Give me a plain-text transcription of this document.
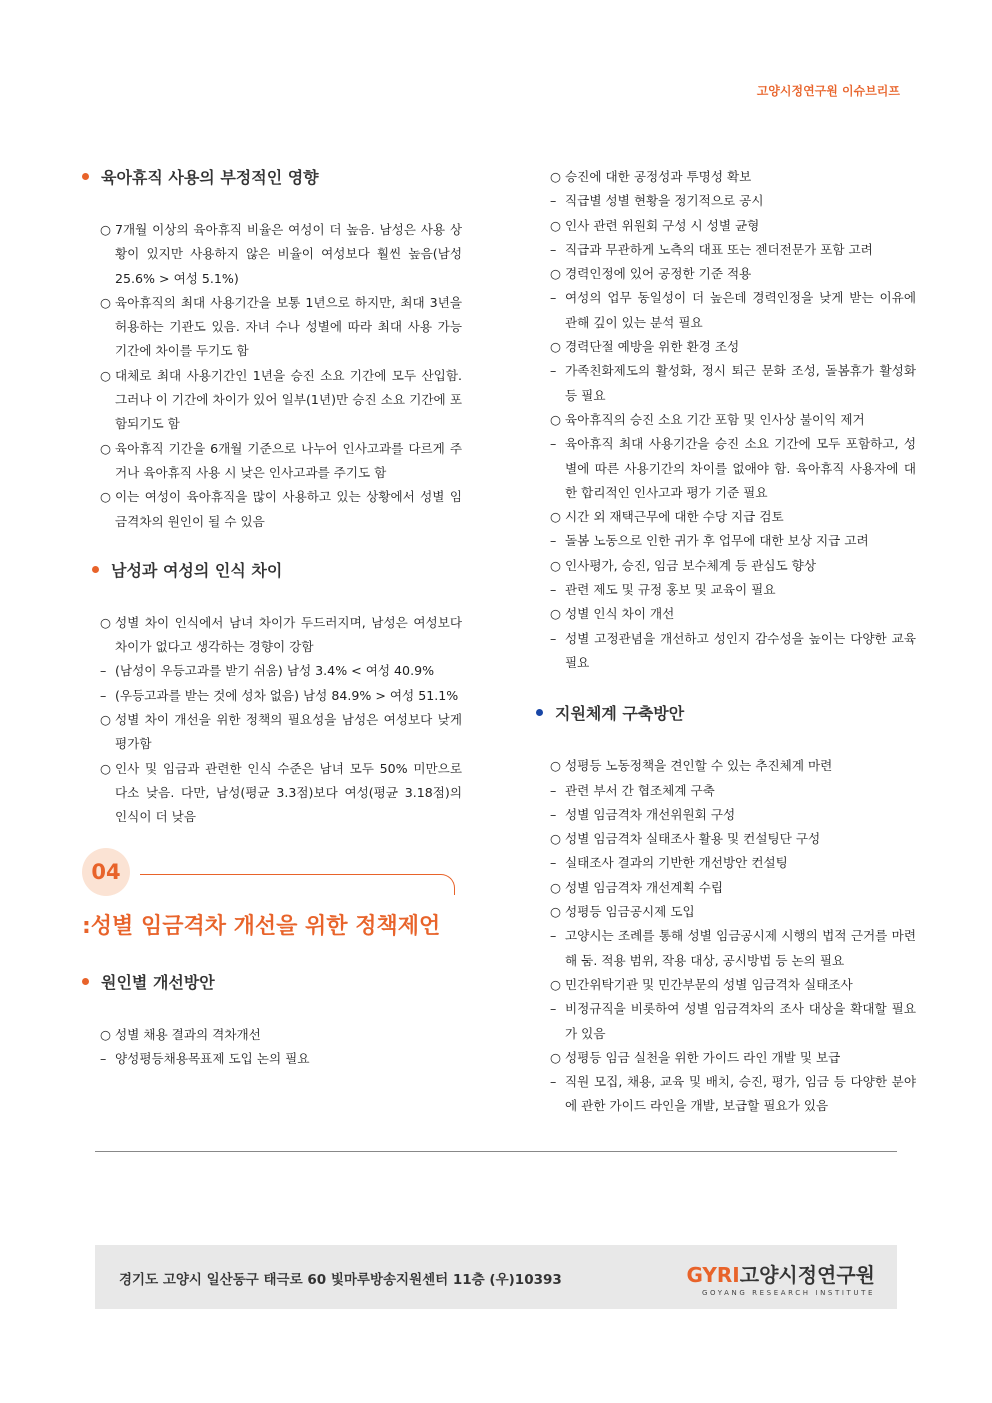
고양시정연구원 이슈브리프
육아휴직 사용의 부정적인 영향
○ 7개월 이상의 육아휴직 비율은 여성이 더 높음. 남성은 사용 상황이 있지만 사용하지 않은 비율이 여성보다 훨씬 높음(남성 25.6% > 여성 5.1%)
○ 육아휴직의 최대 사용기간을 보통 1년으로 하지만, 최대 3년을 허용하는 기관도 있음. 자녀 수나 성별에 따라 최대 사용 가능 기간에 차이를 두기도 함
○ 대체로 최대 사용기간인 1년을 승진 소요 기간에 모두 산입함. 그러나 이 기간에 차이가 있어 일부(1년)만 승진 소요 기간에 포함되기도 함
○ 육아휴직 기간을 6개월 기준으로 나누어 인사고과를 다르게 주거나 육아휴직 사용 시 낮은 인사고과를 주기도 함
○ 이는 여성이 육아휴직을 많이 사용하고 있는 상황에서 성별 임금격차의 원인이 될 수 있음
남성과 여성의 인식 차이
○ 성별 차이 인식에서 남녀 차이가 두드러지며, 남성은 여성보다 차이가 없다고 생각하는 경향이 강함
– (남성이 우등고과를 받기 쉬움) 남성 3.4% < 여성 40.9%
– (우등고과를 받는 것에 성차 없음) 남성 84.9% > 여성 51.1%
○ 성별 차이 개선을 위한 정책의 필요성을 남성은 여성보다 낮게 평가함
○ 인사 및 임금과 관련한 인식 수준은 남녀 모두 50% 미만으로 다소 낮음. 다만, 남성(평균 3.3점)보다 여성(평균 3.18점)의 인식이 더 낮음
04
:성별 임금격차 개선을 위한 정책제언
원인별 개선방안
○ 성별 채용 결과의 격차개선
– 양성평등채용목표제 도입 논의 필요
○ 승진에 대한 공정성과 투명성 확보
– 직급별 성별 현황을 정기적으로 공시
○ 인사 관련 위원회 구성 시 성별 균형
– 직급과 무관하게 노측의 대표 또는 젠더전문가 포함 고려
○ 경력인정에 있어 공정한 기준 적용
– 여성의 업무 동일성이 더 높은데 경력인정을 낮게 받는 이유에 관해 깊이 있는 분석 필요
○ 경력단절 예방을 위한 환경 조성
– 가족친화제도의 활성화, 정시 퇴근 문화 조성, 돌봄휴가 활성화 등 필요
○ 육아휴직의 승진 소요 기간 포함 및 인사상 불이익 제거
– 육아휴직 최대 사용기간을 승진 소요 기간에 모두 포함하고, 성별에 따른 사용기간의 차이를 없애야 함. 육아휴직 사용자에 대한 합리적인 인사고과 평가 기준 필요
○ 시간 외 재택근무에 대한 수당 지급 검토
– 돌봄 노동으로 인한 귀가 후 업무에 대한 보상 지급 고려
○ 인사평가, 승진, 임금 보수체계 등 관심도 향상
– 관련 제도 및 규정 홍보 및 교육이 필요
○ 성별 인식 차이 개선
– 성별 고정관념을 개선하고 성인지 감수성을 높이는 다양한 교육 필요
지원체계 구축방안
○ 성평등 노동정책을 견인할 수 있는 추진체계 마련
– 관련 부서 간 협조체계 구축
– 성별 임금격차 개선위원회 구성
○ 성별 임금격차 실태조사 활용 및 컨설팅단 구성
– 실태조사 결과의 기반한 개선방안 컨설팅
○ 성별 임금격차 개선계획 수립
○ 성평등 임금공시제 도입
– 고양시는 조례를 통해 성별 임금공시제 시행의 법적 근거를 마련해 둠. 적용 범위, 작용 대상, 공시방법 등 논의 필요
○ 민간위탁기관 및 민간부문의 성별 임금격차 실태조사
– 비정규직을 비롯하여 성별 임금격차의 조사 대상을 확대할 필요가 있음
○ 성평등 임금 실천을 위한 가이드 라인 개발 및 보급
– 직원 모집, 채용, 교육 및 배치, 승진, 평가, 임금 등 다양한 분야에 관한 가이드 라인을 개발, 보급할 필요가 있음
경기도 고양시 일산동구 태극로 60 빛마루방송지원센터 11층 (우)10393	GYRI고양시정연구원
GOYANG RESEARCH INSTITUTE
